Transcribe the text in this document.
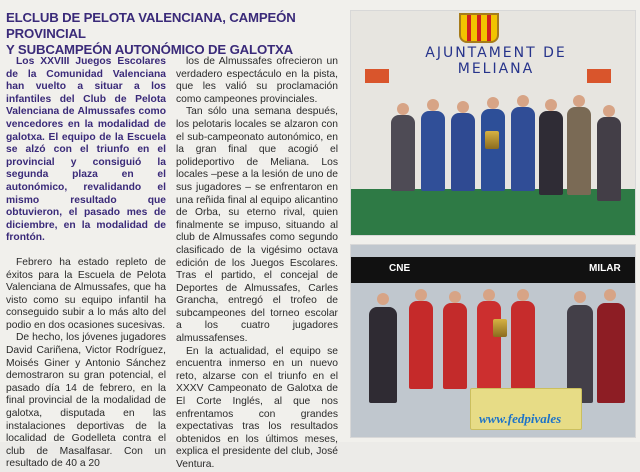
ELCLUB DE PELOTA VALENCIANA, CAMPEÓN PROVINCIAL
Y SUBCAMPEÓN AUTONÓMICO DE GALOTXA

Los XXVIII Juegos Escolares de la Comunidad Valenciana han vuelto a situar a los infantiles del Club de Pelota Valenciana de Almussafes como vencedores en la modalidad de galotxa. El equipo de la Escuela se alzó con el triunfo en el provincial y consiguió la segunda plaza en el autonómico, revalidando el mismo resultado que obtuvieron, el pasado mes de diciembre, en la modalidad de frontón.

Febrero ha estado repleto de éxitos para la Escuela de Pelota Valenciana de Almussafes, que ha visto como su equipo infantil ha conseguido subir a lo más alto del podio en dos ocasiones sucesivas.

De hecho, los jóvenes jugadores David Cariñena, Victor Rodríguez, Moisés Giner y Antonio Sánchez demostraron su gran potencial, el pasado día 14 de febrero, en la final provincial de la modalidad de galotxa, disputada en las instalaciones deportivas de la localidad de Godelleta contra el club de Masalfasar. Con un resultado de 40 a 20

los de Almussafes ofrecieron un verdadero espectáculo en la pista, que les valió su proclamación como campeones provinciales.

Tan sólo una semana después, los pelotaris locales se alzaron con el sub-campeonato autonómico, en la gran final que acogió el polideportivo de Meliana. Los locales –pese a la lesión de uno de sus jugadores – se enfrentaron en una reñida final al equipo alicantino de Orba, su eterno rival, quien finalmente se impuso, situando al club de Almussafes como segundo clasificado de la vigésimo octava edición de los Juegos Escolares. Tras el partido, el concejal de Deportes de Almussafes, Carles Grancha, entregó el trofeo de subcampeones del torneo escolar a los cuatro jugadores almussafenses.

En la actualidad, el equipo se encuentra inmerso en un nuevo reto, alzarse con el triunfo en el XXXV Campeonato de Galotxa de El Corte Inglés, al que nos enfrentamos con grandes expectativas tras los resultados obtenidos en los últimos meses, explica el presidente del club, José Ventura.

AJUNTAMENT DE MELIANA
CNE	MILAR
www.fedpivales
